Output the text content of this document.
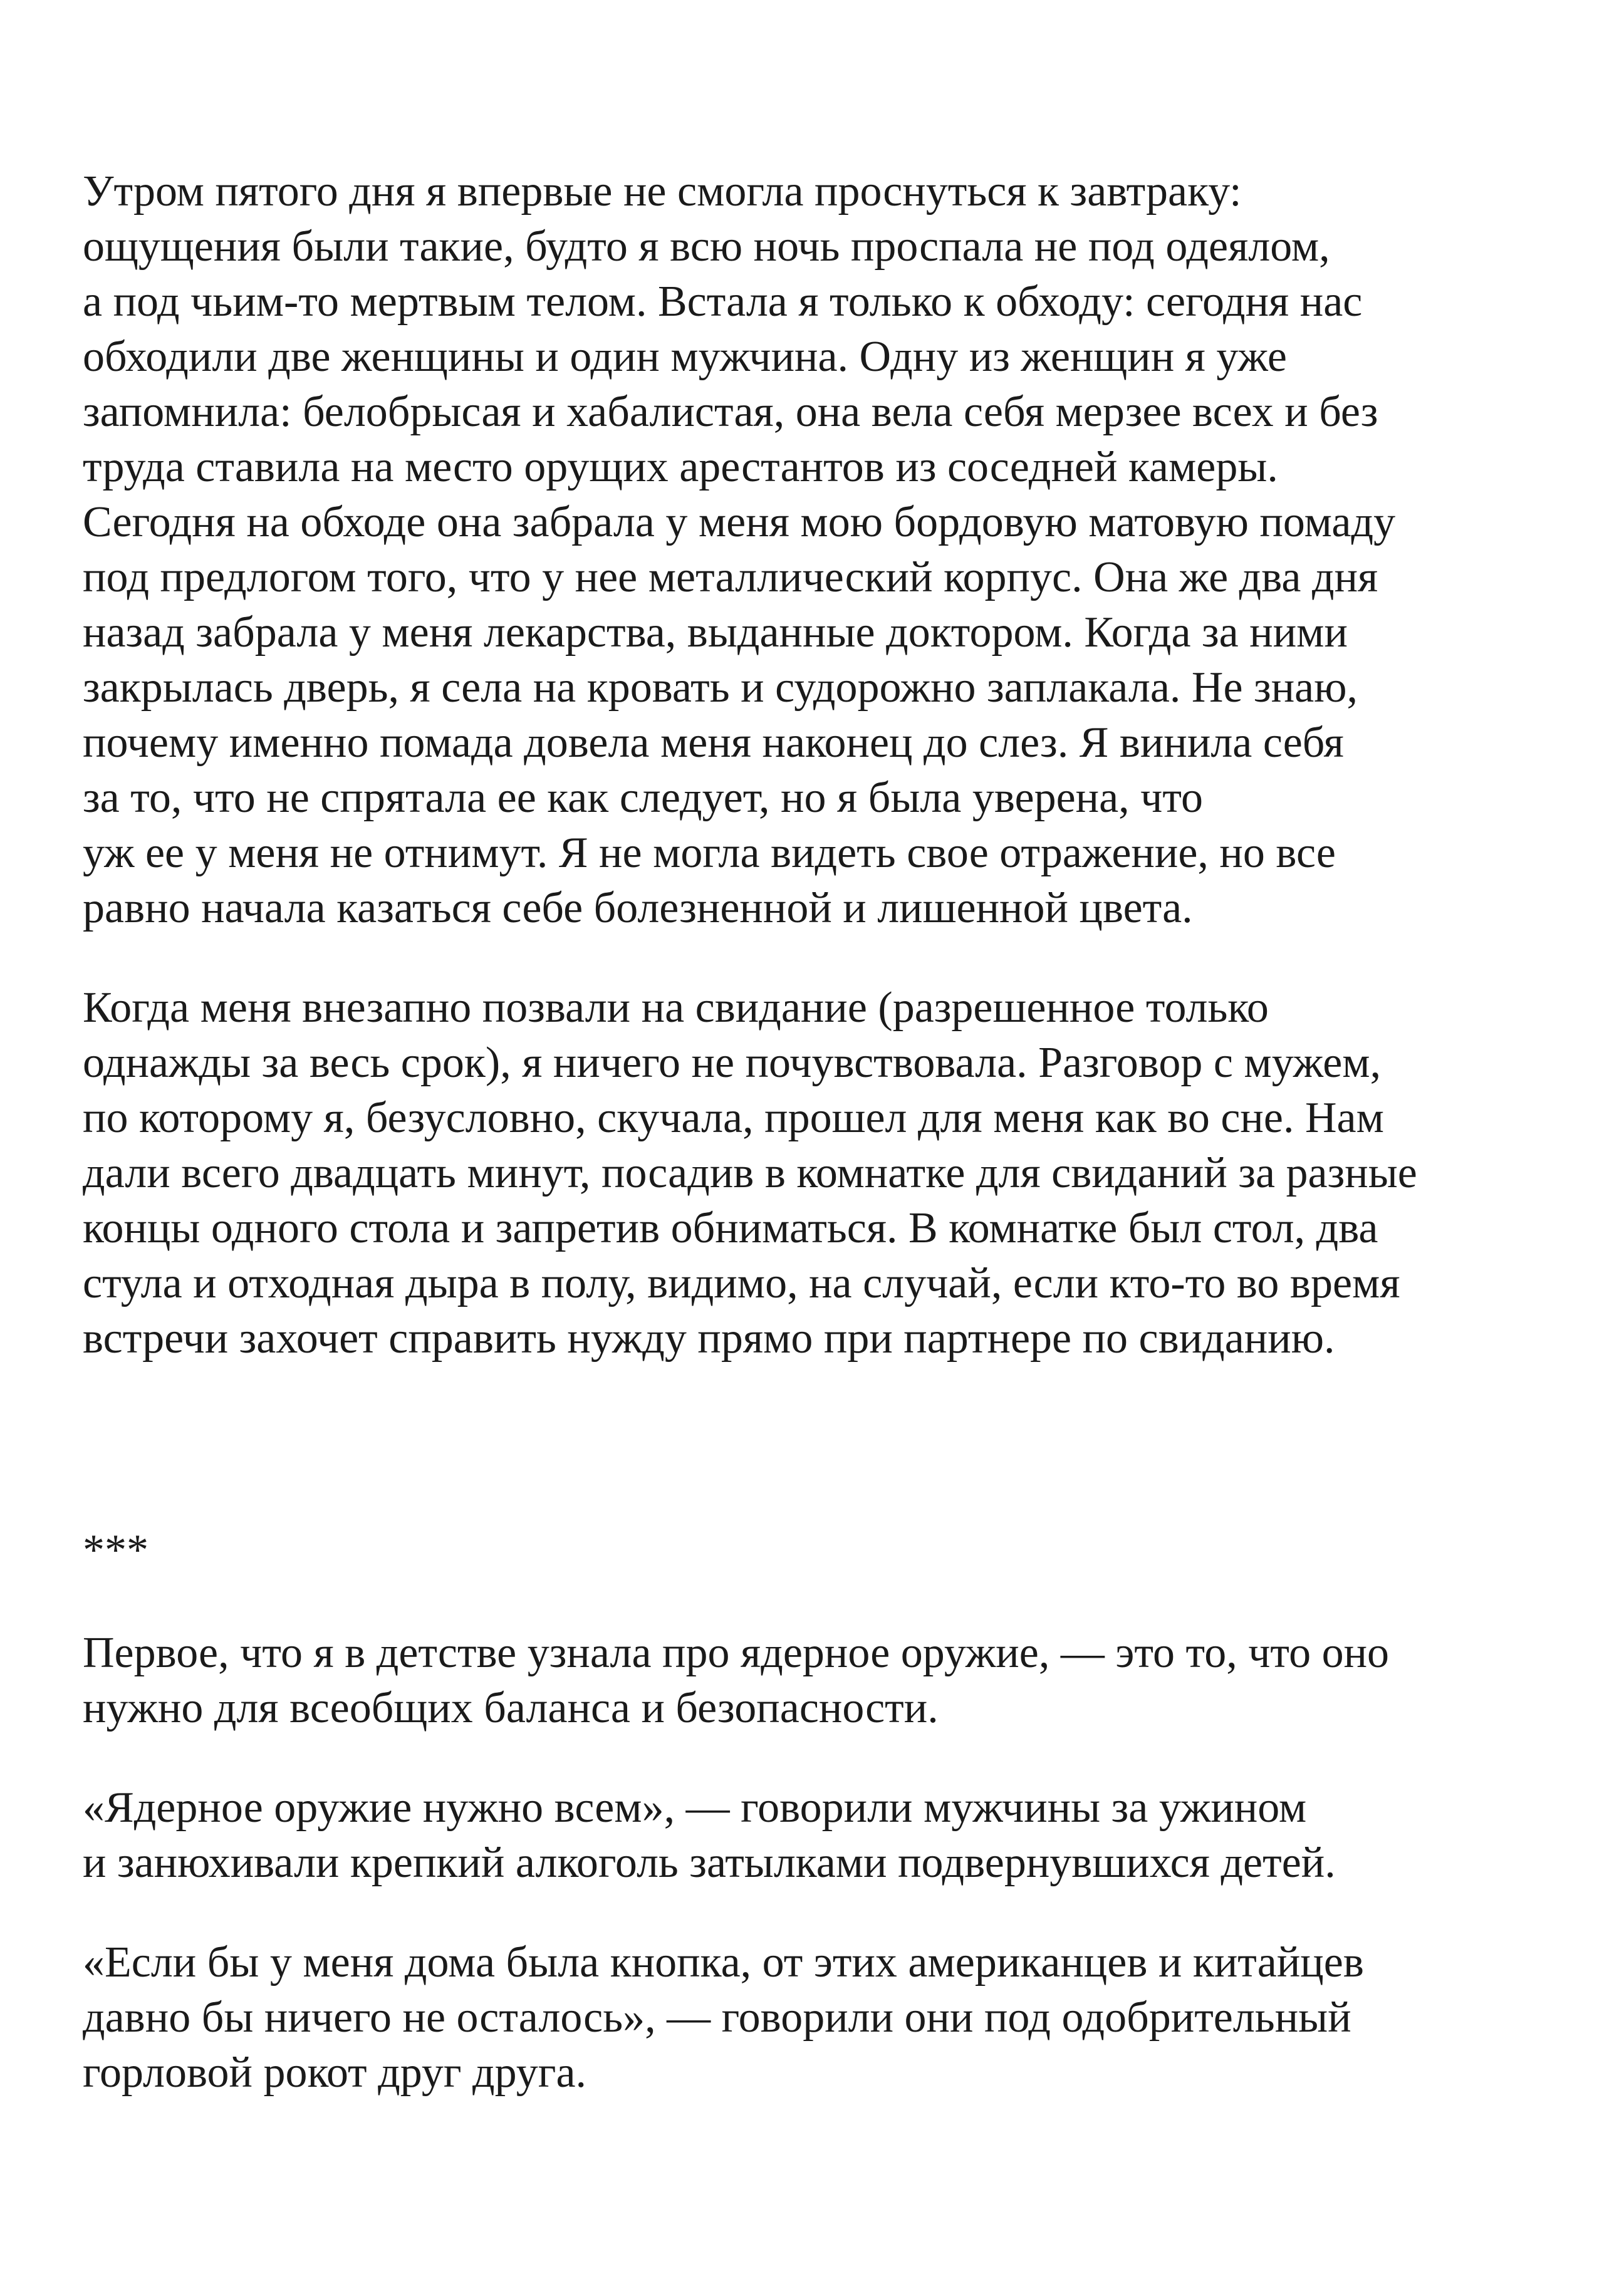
Утром пятого дня я впервые не смогла проснуться к завтраку:
ощущения были такие, будто я всю ночь проспала не под одеялом,
а под чьим-то мертвым телом. Встала я только к обходу: сегодня нас
обходили две женщины и один мужчина. Одну из женщин я уже
запомнила: белобрысая и хабалистая, она вела себя мерзее всех и без
труда ставила на место орущих арестантов из соседней камеры.
Сегодня на обходе она забрала у меня мою бордовую матовую помаду
под предлогом того, что у нее металлический корпус. Она же два дня
назад забрала у меня лекарства, выданные доктором. Когда за ними
закрылась дверь, я села на кровать и судорожно заплакала. Не знаю,
почему именно помада довела меня наконец до слез. Я винила себя
за то, что не спрятала ее как следует, но я была уверена, что
уж ее у меня не отнимут. Я не могла видеть свое отражение, но все
равно начала казаться себе болезненной и лишенной цвета.

Когда меня внезапно позвали на свидание (разрешенное только
однажды за весь срок), я ничего не почувствовала. Разговор с мужем,
по которому я, безусловно, скучала, прошел для меня как во сне. Нам
дали всего двадцать минут, посадив в комнатке для свиданий за разные
концы одного стола и запретив обниматься. В комнатке был стол, два
стула и отходная дыра в полу, видимо, на случай, если кто-то во время
встречи захочет справить нужду прямо при партнере по свиданию.

***

Первое, что я в детстве узнала про ядерное оружие, — это то, что оно
нужно для всеобщих баланса и безопасности.

«Ядерное оружие нужно всем», — говорили мужчины за ужином
и занюхивали крепкий алкоголь затылками подвернувшихся детей.

«Если бы у меня дома была кнопка, от этих американцев и китайцев
давно бы ничего не осталось», — говорили они под одобрительный
горловой рокот друг друга.
